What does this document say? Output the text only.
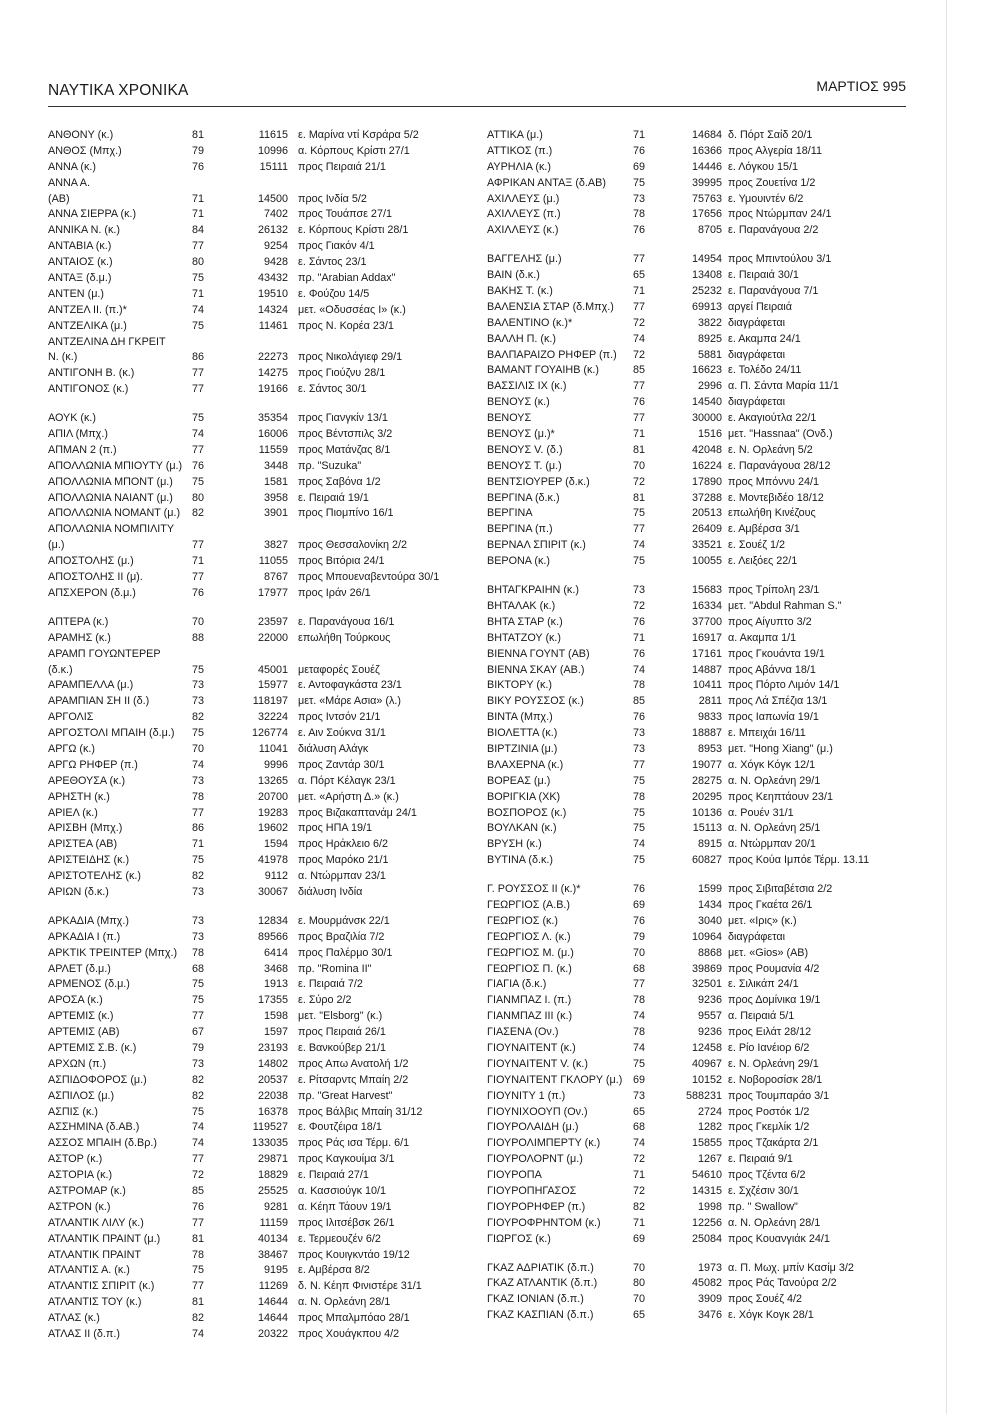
ΝΑΥΤΙΚΑ ΧΡΟΝΙΚΑ	ΜΑΡΤΙΟΣ 995
ΑΝΘΟΝΥ (κ.)	81	11615 ε. Μαρίνα ντί Κσράρα 5/2
ΑΝΘΟΣ (Μπχ.)	79	10996 α. Κόρπους Κρίστι 27/1
ΑΝΝΑ (κ.)	76	15111 προς Πειραιά 21/1
ΑΝΝΑ Α.
(ΑΒ)	71	14500 προς Ινδία 5/2
ΑΝΝΑ ΣΙΕΡΡΑ (κ.)	71	7402 προς Τουάπσε 27/1
ΑΝΝΙΚΑ Ν. (κ.)	84	26132 ε. Κόρπους Κρίστι 28/1
ΑΝΤΑΒΙΑ (κ.)	77	9254 προς Γιακόν 4/1
ΑΝΤΑΙΟΣ (κ.)	80	9428 ε. Σάντος 23/1
ΑΝΤΑΞ (δ.μ.)	75	43432 πρ. "Arabian Addax"
ΑΝΤΕΝ (μ.)	71	19510 ε. Φούζου 14/5
ΑΝΤΖΕΛ ΙΙ. (π.)*	74	14324 μετ. «Οδυσσέας Ι» (κ.)
ΑΝΤΖΕΛΙΚΑ (μ.)	75	11461 προς Ν. Κορέα 23/1
ΑΝΤΖΕΛΙΝΑ ΔΗ ΓΚΡΕΙΤ
Ν. (κ.)	86	22273 προς Νικολάγιεφ 29/1
ΑΝΤΙΓΟΝΗ Β. (κ.)	77	14275 προς Γιούζνυ 28/1
ΑΝΤΙΓΟΝΟΣ (κ.)	77	19166 ε. Σάντος 30/1
ΑΟΥΚ (κ.)	75	35354 προς Γιανγκίν 13/1
ΑΠΙΛ (Μπχ.)	74	16006 προς Βέντσπιλς 3/2
ΑΠΜΑΝ 2 (π.)	77	11559 προς Ματάνζας 8/1
ΑΠΟΛΛΩΝΙΑ ΜΠΙΟΥΤΥ (μ.) 76	3448 πρ. "Suzuka"
ΑΠΟΛΛΩΝΙΑ ΜΠΟΝΤ (μ.) 75	1581 προς Σαβόνα 1/2
ΑΠΟΛΛΩΝΙΑ ΝΑΙΑΝΤ (μ.) 80	3958 ε. Πειραιά 19/1
ΑΠΟΛΛΩΝΙΑ ΝΟΜΑΝΤ (μ.) 82	3901 προς Πιομπίνο 16/1
ΑΠΟΛΛΩΝΙΑ ΝΟΜΠΙΛΙΤΥ
(μ.)	77	3827 προς Θεσσαλονίκη 2/2
ΑΠΟΣΤΟΛΗΣ (μ.)	71	11055 προς Βιτόρια 24/1
ΑΠΟΣΤΟΛΗΣ ΙΙ (μ).	77	8767 προς Μπουεναβεντούρα 30/1
ΑΠΣΧΕΡΟΝ (δ.μ.)	76	17977 προς Ιράν 26/1
ΑΠΤΕΡΑ (κ.)	70	23597 ε. Παρανάγουα 16/1
ΑΡΑΜΗΣ (κ.)	88	22000 επωλήθη Τούρκους
ΑΡΑΜΠ ΓΟΥΩΝΤΕΡΕΡ
(δ.κ.)	75	45001 μεταφορές Σουέζ
ΑΡΑΜΠΕΛΛΑ (μ.)	73	15977 ε. Αντοφαγκάστα 23/1
ΑΡΑΜΠΙΑΝ ΣΗ ΙΙ (δ.)	73	118197 μετ. «Μάρε Ασια» (λ.)
ΑΡΓΟΛΙΣ	82	32224 προς Ιντσόν 21/1
ΑΡΓΟΣΤΟΛΙ ΜΠΑΙΗ (δ.μ.) 75	126774 ε. Αιν Σούκνα 31/1
ΑΡΓΩ (κ.)	70	11041 διάλυση Αλάγκ
ΑΡΓΩ ΡΗΦΕΡ (π.)	74	9996 προς Ζαντάρ 30/1
ΑΡΕΘΟΥΣΑ (κ.)	73	13265 α. Πόρτ Κέλαγκ 23/1
ΑΡΗΣΤΗ (κ.)	78	20700 μετ. «Αρήστη Δ.» (κ.)
ΑΡΙΕΛ (κ.)	77	19283 προς Βιζακαπτανάμ 24/1
ΑΡΙΣΒΗ (Μπχ.)	86	19602 προς ΗΠΑ 19/1
ΑΡΙΣΤΕΑ (ΑΒ)	71	1594 προς Ηράκλειο 6/2
ΑΡΙΣΤΕΙΔΗΣ (κ.)	75	41978 προς Μαρόκο 21/1
ΑΡΙΣΤΟΤΕΛΗΣ (κ.)	82	9112 α. Ντώρμπαν 23/1
ΑΡΙΩΝ (δ.κ.)	73	30067 διάλυση Ινδία
ΑΡΚΑΔΙΑ (Μπχ.)	73	12834 ε. Μουρμάνσκ 22/1
ΑΡΚΑΔΙΑ Ι (π.)	73	89566 προς Βραζιλία 7/2
ΑΡΚΤΙΚ ΤΡΕΙΝΤΕΡ (Μπχ.) 78	6414 προς Παλέρμο 30/1
ΑΡΛΕΤ (δ.μ.)	68	3468 πρ. "Romina II"
ΑΡΜΕΝΟΣ (δ.μ.)	75	1913 ε. Πειραιά 7/2
ΑΡΟΣΑ (κ.)	75	17355 ε. Σύρο 2/2
ΑΡΤΕΜΙΣ (κ.)	77	1598 μετ. "Elsborg" (κ.)
ΑΡΤΕΜΙΣ (ΑΒ)	67	1597 προς Πειραιά 26/1
ΑΡΤΕΜΙΣ Σ.Β. (κ.)	79	23193 ε. Βανκούβερ 21/1
ΑΡΧΩΝ (π.)	73	14802 προς Απω Ανατολή 1/2
ΑΣΠΙΔΟΦΟΡΟΣ (μ.)	82	20537 ε. Ρίτσαρντς Μπαίη 2/2
ΑΣΠΙΛΟΣ (μ.)	82	22038 πρ. "Great Harvest"
ΑΣΠΙΣ (κ.)	75	16378 προς Βάλβις Μπαίη 31/12
ΑΣΣΗΜΙΝΑ (δ.ΑΒ.)	74	119527 ε. Φουτζέιρα 18/1
ΑΣΣΟΣ ΜΠΑΙΗ (δ.Βρ.)	74	133035 προς Ράς ισα Τέρμ. 6/1
ΑΣΤΟΡ (κ.)	77	29871 προς Καγκουίμα 3/1
ΑΣΤΟΡΙΑ (κ.)	72	18829 ε. Πειραιά 27/1
ΑΣΤΡΟΜΑΡ (κ.)	85	25525 α. Κασσιούγκ 10/1
ΑΣΤΡΟΝ (κ.)	76	9281 α. Κέηπ Τάουν 19/1
ΑΤΛΑΝΤΙΚ ΛΙΛΥ (κ.)	77	11159 προς Ιλιτσέβσκ 26/1
ΑΤΛΑΝΤΙΚ ΠΡΑΙΝΤ (μ.)	81	40134 ε. Τερμεουζέν 6/2
ΑΤΛΑΝΤΙΚ ΠΡΑΙΝΤ	78	38467 προς Κουιγκντάο 19/12
ΑΤΛΑΝΤΙΣ Α. (κ.)	75	9195 ε. Αμβέρσα 8/2
ΑΤΛΑΝΤΙΣ ΣΠΙΡΙΤ (κ.)	77	11269 δ. Ν. Κέηπ Φινιστέρε 31/1
ΑΤΛΑΝΤΙΣ ΤΟΥ (κ.)	81	14644 α. Ν. Ορλεάνη 28/1
ΑΤΛΑΣ (κ.)	82	14644 προς Μπαλμπόαο 28/1
ΑΤΛΑΣ ΙΙ (δ.π.)	74	20322 προς Χουάγκπου 4/2
ΑΤΤΙΚΑ (μ.)	71	14684 δ. Πόρτ Σαίδ 20/1
ΑΤΤΙΚΟΣ (π.)	76	16366 προς Αλγερία 18/11
ΑΥΡΗΛΙΑ (κ.)	69	14446 ε. Λόγκου 15/1
ΑΦΡΙΚΑΝ ΑΝΤΑΞ (δ.ΑΒ)	75	39995 προς Ζουετίνα 1/2
ΑΧΙΛΛΕΥΣ (μ.)	73	75763 ε. Υμουιντέν 6/2
ΑΧΙΛΛΕΥΣ (π.)	78	17656 προς Ντώρμπαν 24/1
ΑΧΙΛΛΕΥΣ (κ.)	76	8705 ε. Παρανάγουα 2/2
ΒΑΓΓΕΛΗΣ (μ.)	77	14954 προς Μπιντούλου 3/1
ΒΑΙΝ (δ.κ.)	65	13408 ε. Πειραιά 30/1
ΒΑΚΗΣ Τ. (κ.)	71	25232 ε. Παρανάγουα 7/1
ΒΑΛΕΝΣΙΑ ΣΤΑΡ (δ.Μπχ.) 77	69913 αργεί Πειραιά
ΒΑΛΕΝΤΙΝΟ (κ.)*	72	3822 διαγράφεται
ΒΑΛΛΗ Π. (κ.)	74	8925 ε. Ακαμπα 24/1
ΒΑΛΠΑΡΑΙΖΟ ΡΗΦΕΡ (π.) 72	5881 διαγράφεται
ΒΑΜΑΝΤ ΓΟΥΑΙΗΒ (κ.)	85	16623 ε. Τολέδο 24/11
ΒΑΣΣΙΛΙΣ ΙΧ (κ.)	77	2996 α. Π. Σάντα Μαρία 11/1
ΒΕΝΟΥΣ (κ.)	76	14540 διαγράφεται
ΒΕΝΟΥΣ	77	30000 ε. Ακαγιούτλα 22/1
ΒΕΝΟΥΣ (μ.)*	71	1516 μετ. "Hassnaa" (Ονδ.)
ΒΕΝΟΥΣ V. (δ.)	81	42048 ε. Ν. Ορλεάνη 5/2
ΒΕΝΟΥΣ Τ. (μ.)	70	16224 ε. Παρανάγουα 28/12
ΒΕΝΤΣΙΟΥΡΕΡ (δ.κ.)	72	17890 προς Μπόννυ 24/1
ΒΕΡΓΙΝΑ (δ.κ.)	81	37288 ε. Μοντεβιδέο 18/12
ΒΕΡΓΙΝΑ	75	20513 επωλήθη Κινέζους
ΒΕΡΓΙΝΑ (π.)	77	26409 ε. Αμβέρσα 3/1
ΒΕΡΝΑΛ ΣΠΙΡΙΤ (κ.)	74	33521 ε. Σουέζ 1/2
ΒΕΡΟΝΑ (κ.)	75	10055 ε. Λειξόες 22/1
ΒΗΤΑΓΚΡΑΙΗΝ (κ.)	73	15683 προς Τρίπολη 23/1
ΒΗΤΑΛΑΚ (κ.)	72	16334 μετ. "Abdul Rahman S."
ΒΗΤΑ ΣΤΑΡ (κ.)	76	37700 προς Αίγυπτο 3/2
ΒΗΤΑΤΖΟΥ (κ.)	71	16917 α. Ακαμπα 1/1
ΒΙΕΝΝΑ ΓΟΥΝΤ (ΑΒ)	76	17161 προς Γκουάντα 19/1
ΒΙΕΝΝΑ ΣΚΑΥ (ΑΒ.)	74	14887 προς Αβάννα 18/1
ΒΙΚΤΟΡΥ (κ.)	78	10411 προς Πόρτο Λιμόν 14/1
ΒΙΚΥ ΡΟΥΣΣΟΣ (κ.)	85	2811 προς Λά Σπέζια 13/1
ΒΙΝΤΑ (Μπχ.)	76	9833 προς Ιαπωνία 19/1
ΒΙΟΛΕΤΤΑ (κ.)	73	18887 ε. Μπειχάι 16/11
ΒΙΡΤΖΙΝΙΑ (μ.)	73	8953 μετ. "Hong Xiang" (μ.)
ΒΛΑΧΕΡΝΑ (κ.)	77	19077 α. Χόγκ Κόγκ 12/1
ΒΟΡΕΑΣ (μ.)	75	28275 α. Ν. Ορλεάνη 29/1
ΒΟΡΙΓΚΙΑ (ΧΚ)	78	20295 προς Κεηπτάουν 23/1
ΒΟΣΠΟΡΟΣ (κ.)	75	10136 α. Ρουέν 31/1
ΒΟΥΛΚΑΝ (κ.)	75	15113 α. Ν. Ορλεάνη 25/1
ΒΡΥΣΗ (κ.)	74	8915 α. Ντώρμπαν 20/1
ΒΥΤΙΝΑ (δ.κ.)	75	60827 προς Κούα Ιμπόε Τέρμ. 13.11
Γ. ΡΟΥΣΣΟΣ ΙΙ (κ.)*	76	1599 προς Σιβιταβέτσια 2/2
ΓΕΩΡΓΙΟΣ (Α.Β.)	69	1434 προς Γκαέτα 26/1
ΓΕΩΡΓΙΟΣ (κ.)	76	3040 μετ. «Ιρις» (κ.)
ΓΕΩΡΓΙΟΣ Λ. (κ.)	79	10964 διαγράφεται
ΓΕΩΡΓΙΟΣ Μ. (μ.)	70	8868 μετ. «Gios» (ΑΒ)
ΓΕΩΡΓΙΟΣ Π. (κ.)	68	39869 προς Ρουμανία 4/2
ΓΙΑΓΙΑ (δ.κ.)	77	32501 ε. Σιλικάπ 24/1
ΓΙΑΝΜΠΑΖ Ι. (π.)	78	9236 προς Δομίνικα 19/1
ΓΙΑΝΜΠΑΖ ΙΙΙ (κ.)	74	9557 α. Πειραιά 5/1
ΓΙΑΣΕΝΑ (Ον.)	78	9236 προς Ειλάτ 28/12
ΓΙΟΥΝΑΙΤΕΝΤ (κ.)	74	12458 ε. Ρίο Ιανέιορ 6/2
ΓΙΟΥΝΑΙΤΕΝΤ V. (κ.)	75	40967 ε. Ν. Ορλεάνη 29/1
ΓΙΟΥΝΑΙΤΕΝΤ ΓΚΛΟΡΥ (μ.) 69	10152 ε. Νοβοροσίσκ 28/1
ΓΙΟΥΝΙΤΥ 1 (π.)	73	588231 προς Τουμπαράο 3/1
ΓΙΟΥΝΙΧΟΟΥΠ (Ον.)	65	2724 προς Ροστόκ 1/2
ΓΙΟΥΡΟΛΑΙΔΗ (μ.)	68	1282 προς Γκεμλίκ 1/2
ΓΙΟΥΡΟΛΙΜΠΕΡΤΥ (κ.)	74	15855 προς Τζακάρτα 2/1
ΓΙΟΥΡΟΛΟΡΝΤ (μ.)	72	1267 ε. Πειραιά 9/1
ΓΙΟΥΡΟΠΑ	71	54610 προς Τζέντα 6/2
ΓΙΟΥΡΟΠΗΓΑΣΟΣ	72	14315 ε. Σχζέσιν 30/1
ΓΙΟΥΡΟΡΗΦΕΡ (π.)	82	1998 πρ. " Swallow"
ΓΙΟΥΡΟΦΡΗΝΤΟΜ (κ.)	71	12256 α. Ν. Ορλεάνη 28/1
ΓΙΩΡΓΟΣ (κ.)	69	25084 προς Κουανγιάκ 24/1
ΓΚΑΖ ΑΔΡΙΑΤΙΚ (δ.π.)	70	1973 α. Π. Μωχ. μπίν Κασίμ 3/2
ΓΚΑΖ ΑΤΛΑΝΤΙΚ (δ.π.)	80	45082 προς Ράς Τανούρα 2/2
ΓΚΑΖ ΙΟΝΙΑΝ (δ.π.)	70	3909 προς Σουέζ 4/2
ΓΚΑΖ ΚΑΣΠΙΑΝ (δ.π.)	65	3476 ε. Χόγκ Κογκ 28/1
